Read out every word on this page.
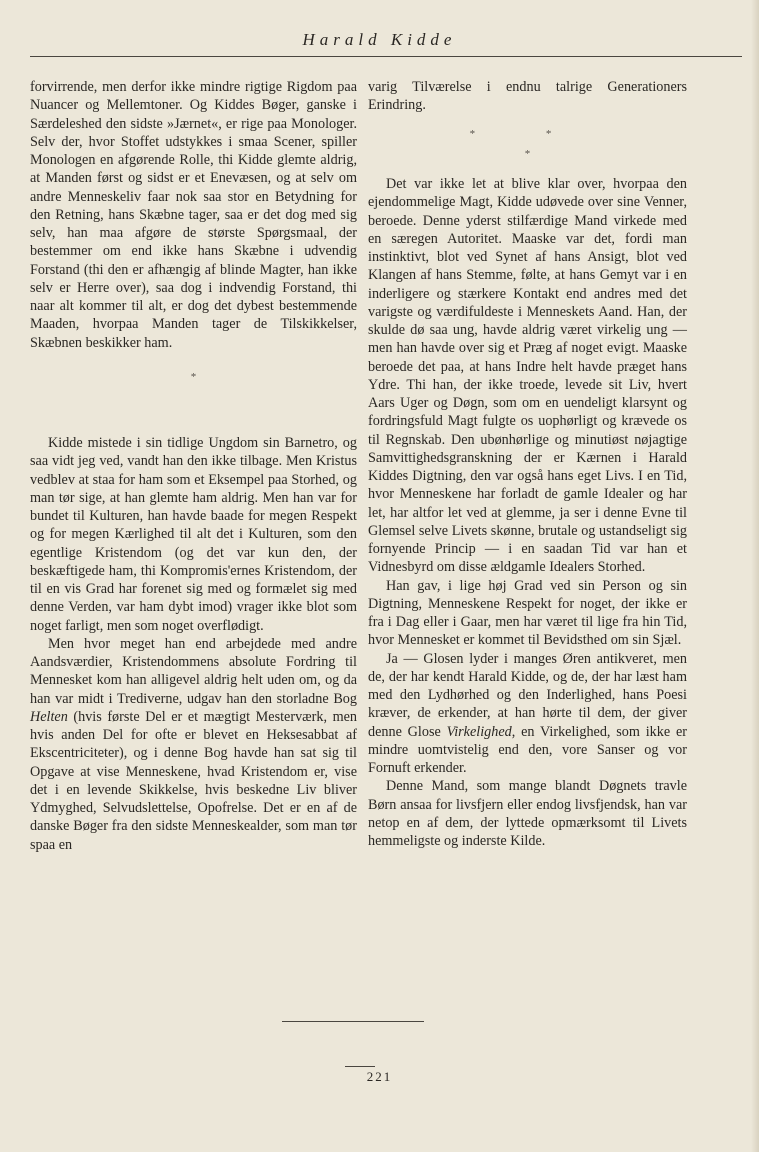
Harald Kidde

forvirrende, men derfor ikke mindre rigtige Rigdom paa Nuancer og Mellemtoner. Og Kiddes Bøger, ganske i Særdeleshed den sidste »Jærnet«, er rige paa Monologer. Selv der, hvor Stoffet udstykkes i smaa Scener, spiller Monologen en afgørende Rolle, thi Kidde glemte aldrig, at Manden først og sidst er et Enevæsen, og at selv om andre Menneskeliv faar nok saa stor en Betydning for den Retning, hans Skæbne tager, saa er det dog med sig selv, han maa afgøre de største Spørgsmaal, der bestemmer om end ikke hans Skæbne i udvendig Forstand (thi den er afhængig af blinde Magter, han ikke selv er Herre over), saa dog i indvendig Forstand, thi naar alt kommer til alt, er dog det dybest bestemmende Maaden, hvorpaa Manden tager de Tilskikkelser, Skæbnen beskikker ham.

*

Kidde mistede i sin tidlige Ungdom sin Barnetro, og saa vidt jeg ved, vandt han den ikke tilbage. Men Kristus vedblev at staa for ham som et Eksempel paa Storhed, og man tør sige, at han glemte ham aldrig. Men han var for bundet til Kulturen, han havde baade for megen Respekt og for megen Kærlighed til alt det i Kulturen, som den egentlige Kristendom (og det var kun den, der beskæftigede ham, thi Kompromis'ernes Kristendom, der til en vis Grad har forenet sig med og formælet sig med denne Verden, var ham dybt imod) vrager ikke blot som noget farligt, men som noget overflødigt.

Men hvor meget han end arbejdede med andre Aandsværdier, Kristendommens absolute Fordring til Mennesket kom han alligevel aldrig helt uden om, og da han var midt i Trediverne, udgav han den storladne Bog Helten (hvis første Del er et mægtigt Mesterværk, men hvis anden Del for ofte er blevet en Heksesabbat af Ekscentriciteter), og i denne Bog havde han sat sig til Opgave at vise Menneskene, hvad Kristendom er, vise det i en levende Skikkelse, hvis beskedne Liv bliver Ydmyghed, Selvudslettelse, Opofrelse. Det er en af de danske Bøger fra den sidste Menneskealder, som man tør spaa en

varig Tilværelse i endnu talrige Generationers Erindring.

* *
*

Det var ikke let at blive klar over, hvorpaa den ejendommelige Magt, Kidde udøvede over sine Venner, beroede. Denne yderst stilfærdige Mand virkede med en særegen Autoritet. Maaske var det, fordi man instinktivt, blot ved Synet af hans Ansigt, blot ved Klangen af hans Stemme, følte, at hans Gemyt var i en inderligere og stærkere Kontakt end andres med det varigste og værdifuldeste i Menneskets Aand. Han, der skulde dø saa ung, havde aldrig været virkelig ung — men han havde over sig et Præg af noget evigt. Maaske beroede det paa, at hans Indre helt havde præget hans Ydre. Thi han, der ikke troede, levede sit Liv, hvert Aars Uger og Døgn, som om en uendeligt klarsynt og fordringsfuld Magt fulgte os uophørligt og krævede os til Regnskab. Den ubønhørlige og minutiøst nøjagtige Samvittighedsgranskning der er Kærnen i Harald Kiddes Digtning, den var også hans eget Livs. I en Tid, hvor Menneskene har forladt de gamle Idealer og har let, har altfor let ved at glemme, ja ser i denne Evne til Glemsel selve Livets skønne, brutale og ustandseligt sig fornyende Princip — i en saadan Tid var han et Vidnesbyrd om disse ældgamle Idealers Storhed.

Han gav, i lige høj Grad ved sin Person og sin Digtning, Menneskene Respekt for noget, der ikke er fra i Dag eller i Gaar, men har været til lige fra hin Tid, hvor Mennesket er kommet til Bevidsthed om sin Sjæl.

Ja — Glosen lyder i manges Øren antikveret, men de, der har kendt Harald Kidde, og de, der har læst ham med den Lydhørhed og den Inderlighed, hans Poesi kræver, de erkender, at han hørte til dem, der giver denne Glose Virkelighed, en Virkelighed, som ikke er mindre uomtvistelig end den, vore Sanser og vor Fornuft erkender.

Denne Mand, som mange blandt Døgnets travle Børn ansaa for livsfjern eller endog livsfjendsk, han var netop en af dem, der lyttede opmærksomt til Livets hemmeligste og inderste Kilde.

221
